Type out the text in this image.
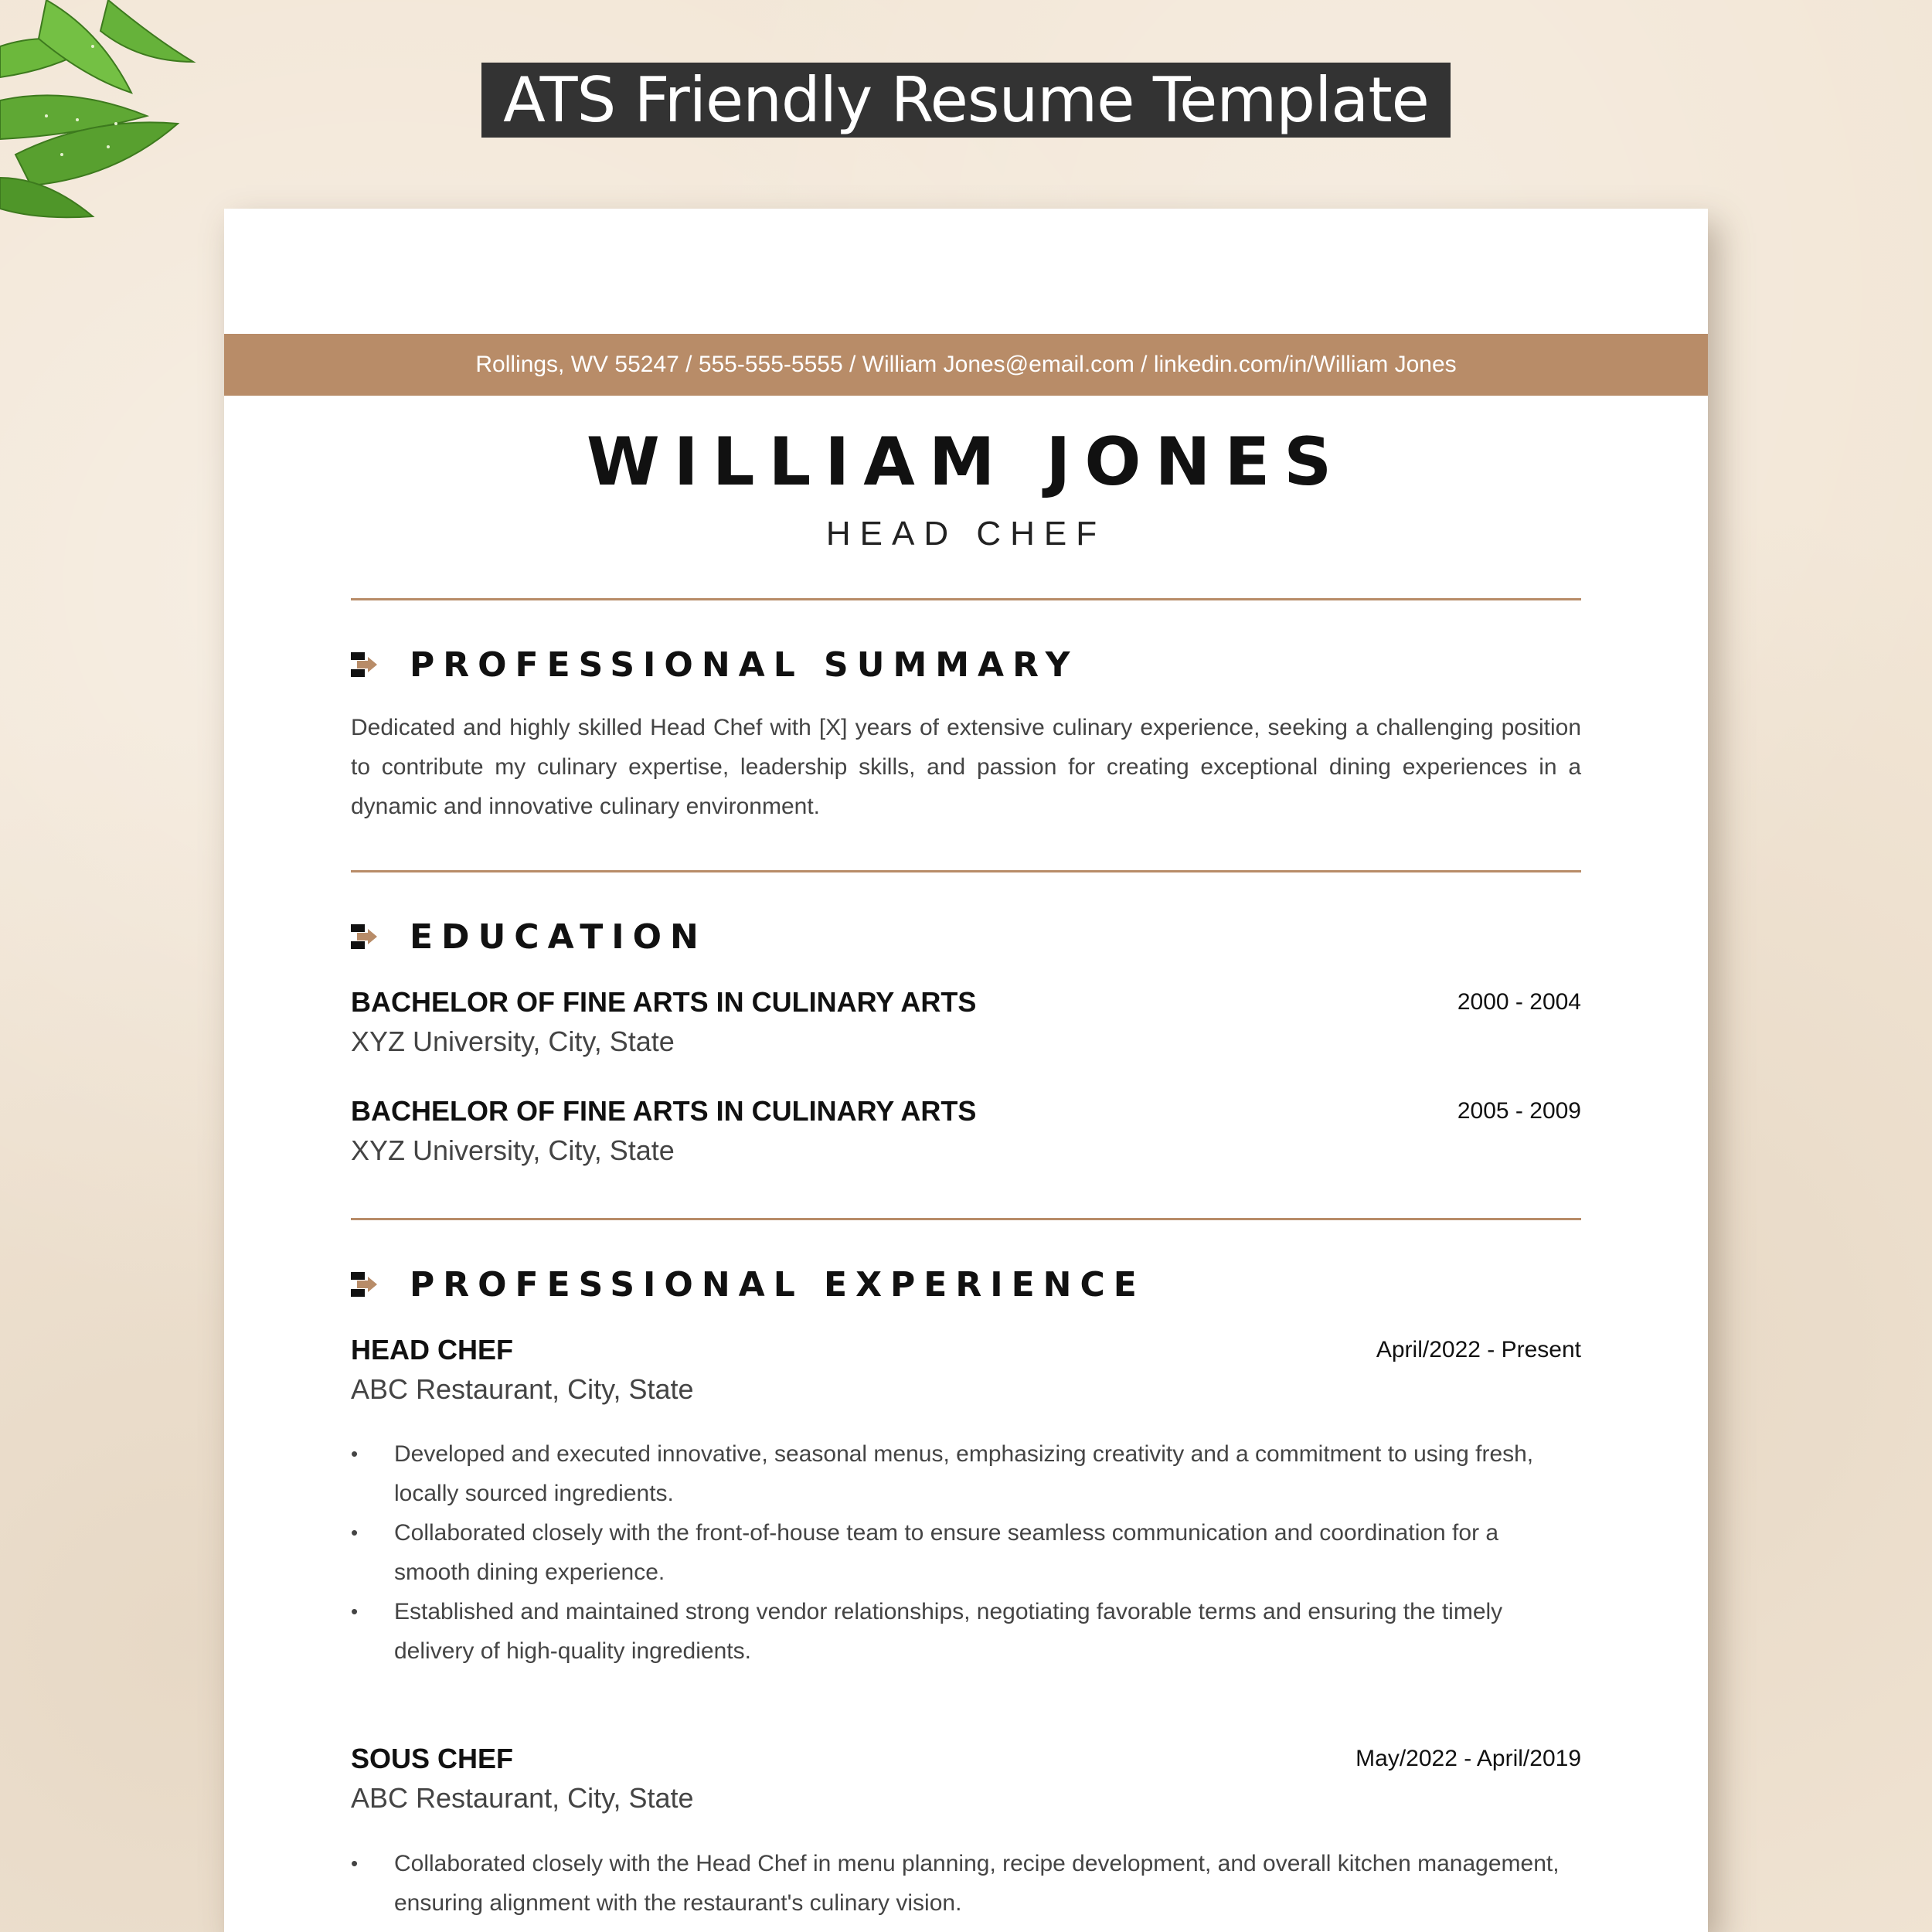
ATS Friendly Resume Template
Rollings, WV 55247 / 555-555-5555 / William Jones@email.com / linkedin.com/in/William Jones
WILLIAM JONES
HEAD CHEF
PROFESSIONAL SUMMARY
Dedicated and highly skilled Head Chef with [X] years of extensive culinary experience, seeking a challenging position to contribute my culinary expertise, leadership skills, and passion for creating exceptional dining experiences in a dynamic and innovative culinary environment.
EDUCATION
BACHELOR OF FINE ARTS IN CULINARY ARTS	2000 - 2004
XYZ University, City, State
BACHELOR OF FINE ARTS IN CULINARY ARTS	2005 - 2009
XYZ University, City, State
PROFESSIONAL EXPERIENCE
HEAD CHEF	April/2022 - Present
ABC Restaurant, City, State
• Developed and executed innovative, seasonal menus, emphasizing creativity and a commitment to using fresh, locally sourced ingredients.
• Collaborated closely with the front-of-house team to ensure seamless communication and coordination for a smooth dining experience.
• Established and maintained strong vendor relationships, negotiating favorable terms and ensuring the timely delivery of high-quality ingredients.
SOUS CHEF	May/2022 - April/2019
ABC Restaurant, City, State
• Collaborated closely with the Head Chef in menu planning, recipe development, and overall kitchen management, ensuring alignment with the restaurant's culinary vision.
